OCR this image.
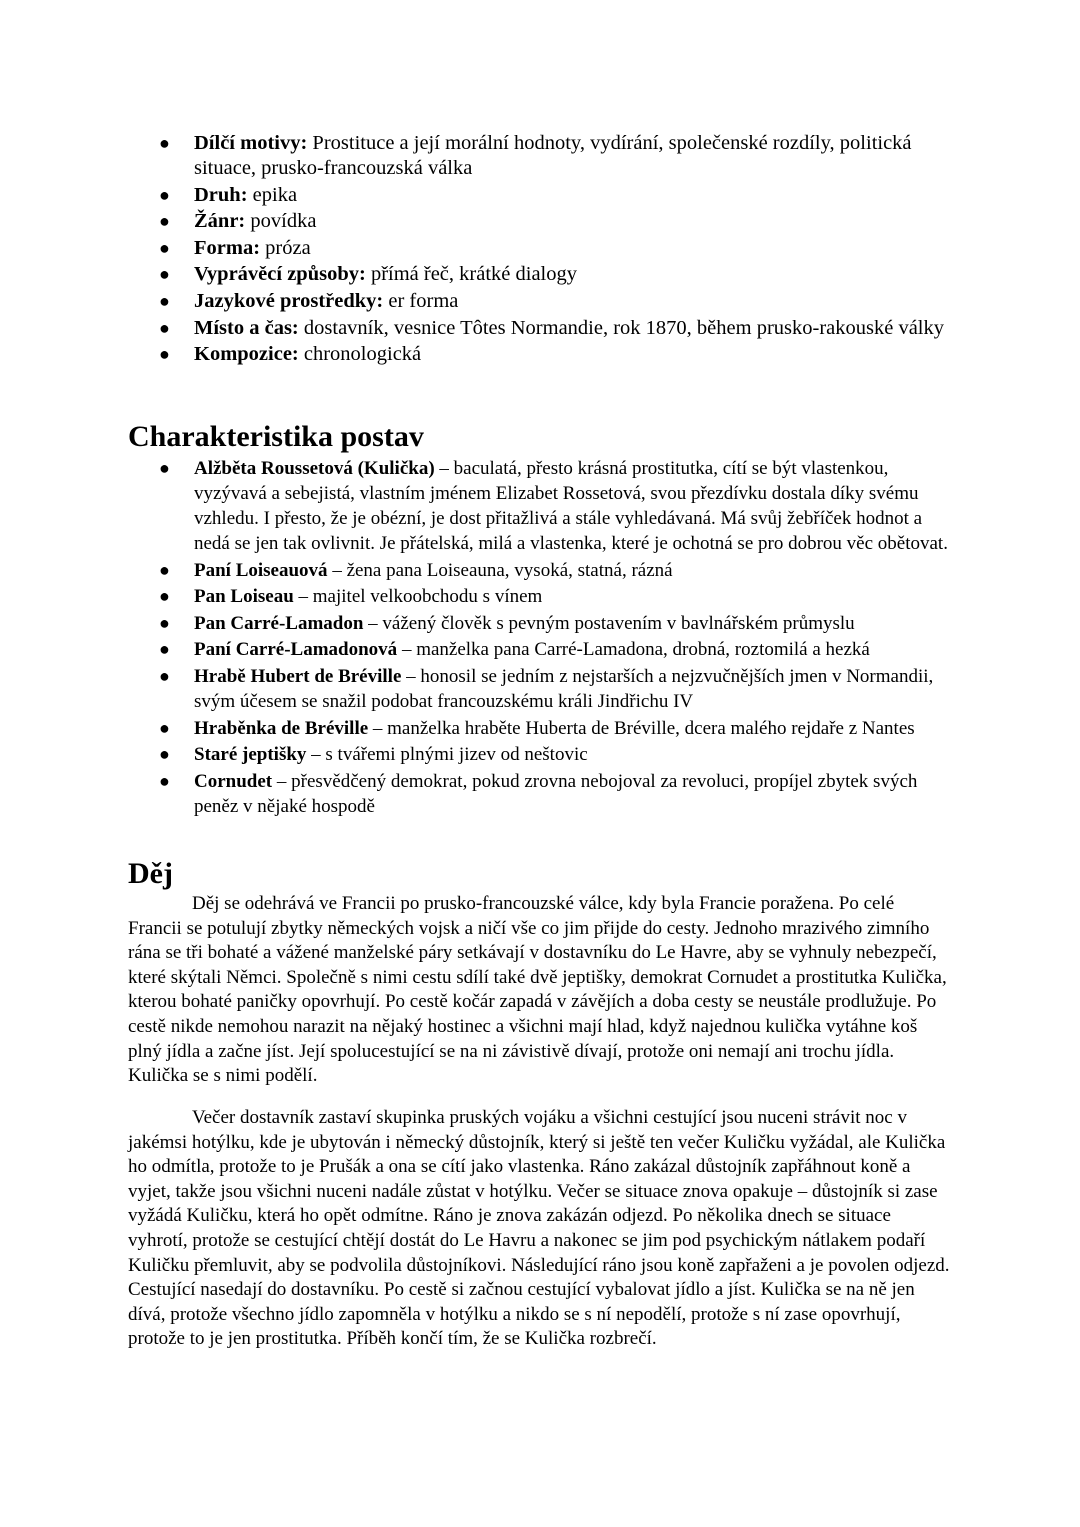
● Dílčí motivy: Prostituce a její morální hodnoty, vydírání, společenské rozdíly, politická situace, prusko-francouzská válka
● Druh: epika
● Žánr: povídka
● Forma: próza
● Vyprávěcí způsoby: přímá řeč, krátké dialogy
● Jazykové prostředky: er forma
● Místo a čas: dostavník, vesnice Tôtes Normandie, rok 1870, během prusko-rakouské války
● Kompozice: chronologická
Charakteristika postav
● Alžběta Roussetová (Kulička) – baculatá, přesto krásná prostitutka, cítí se být vlastenkou, vyzývavá a sebejistá, vlastním jménem Elizabet Rossetová, svou přezdívku dostala díky svému vzhledu. I přesto, že je obézní, je dost přitažlivá a stále vyhledávaná. Má svůj žebříček hodnot a nedá se jen tak ovlivnit. Je přátelská, milá a vlastenka, které je ochotná se pro dobrou věc obětovat.
● Paní Loiseauová – žena pana Loiseauna, vysoká, statná, rázná
● Pan Loiseau – majitel velkoobchodu s vínem
● Pan Carré-Lamadon – vážený člověk s pevným postavením v bavlnářském průmyslu
● Paní Carré-Lamadonová – manželka pana Carré-Lamadona, drobná, roztomilá a hezká
● Hrabě Hubert de Bréville – honosil se jedním z nejstarších a nejzvučnějších jmen v Normandii, svým účesem se snažil podobat francouzskému králi Jindřichu IV
● Hraběnka de Bréville – manželka hraběte Huberta de Bréville, dcera malého rejdaře z Nantes
● Staré jeptišky – s tvářemi plnými jizev od neštovic
● Cornudet – přesvědčený demokrat, pokud zrovna nebojoval za revoluci, propíjel zbytek svých peněz v nějaké hospodě
Děj

Děj se odehrává ve Francii po prusko-francouzské válce, kdy byla Francie poražena. Po celé Francii se potulují zbytky německých vojsk a ničí vše co jim přijde do cesty. Jednoho mrazivého zimního rána se tři bohaté a vážené manželské páry setkávají v dostavníku do Le Havre, aby se vyhnuly nebezpečí, které skýtali Němci. Společně s nimi cestu sdílí také dvě jeptišky, demokrat Cornudet a prostitutka Kulička, kterou bohaté paničky opovrhují. Po cestě kočár zapadá v závějích a doba cesty se neustále prodlužuje. Po cestě nikde nemohou narazit na nějaký hostinec a všichni mají hlad, když najednou kulička vytáhne koš plný jídla a začne jíst. Její spolucestující se na ni závistivě dívají, protože oni nemají ani trochu jídla. Kulička se s nimi podělí.

Večer dostavník zastaví skupinka pruských vojáku a všichni cestující jsou nuceni strávit noc v jakémsi hotýlku, kde je ubytován i německý důstojník, který si ještě ten večer Kuličku vyžádal, ale Kulička ho odmítla, protože to je Prušák a ona se cítí jako vlastenka. Ráno zakázal důstojník zapřáhnout koně a vyjet, takže jsou všichni nuceni nadále zůstat v hotýlku. Večer se situace znova opakuje – důstojník si zase vyžádá Kuličku, která ho opět odmítne. Ráno je znova zakázán odjezd. Po několika dnech se situace vyhrotí, protože se cestující chtějí dostát do Le Havru a nakonec se jim pod psychickým nátlakem podaří Kuličku přemluvit, aby se podvolila důstojníkovi. Následující ráno jsou koně zapřaženi a je povolen odjezd. Cestující nasedají do dostavníku. Po cestě si začnou cestující vybalovat jídlo a jíst. Kulička se na ně jen dívá, protože všechno jídlo zapomněla v hotýlku a nikdo se s ní nepodělí, protože s ní zase opovrhují, protože to je jen prostitutka. Příběh končí tím, že se Kulička rozbrečí.
